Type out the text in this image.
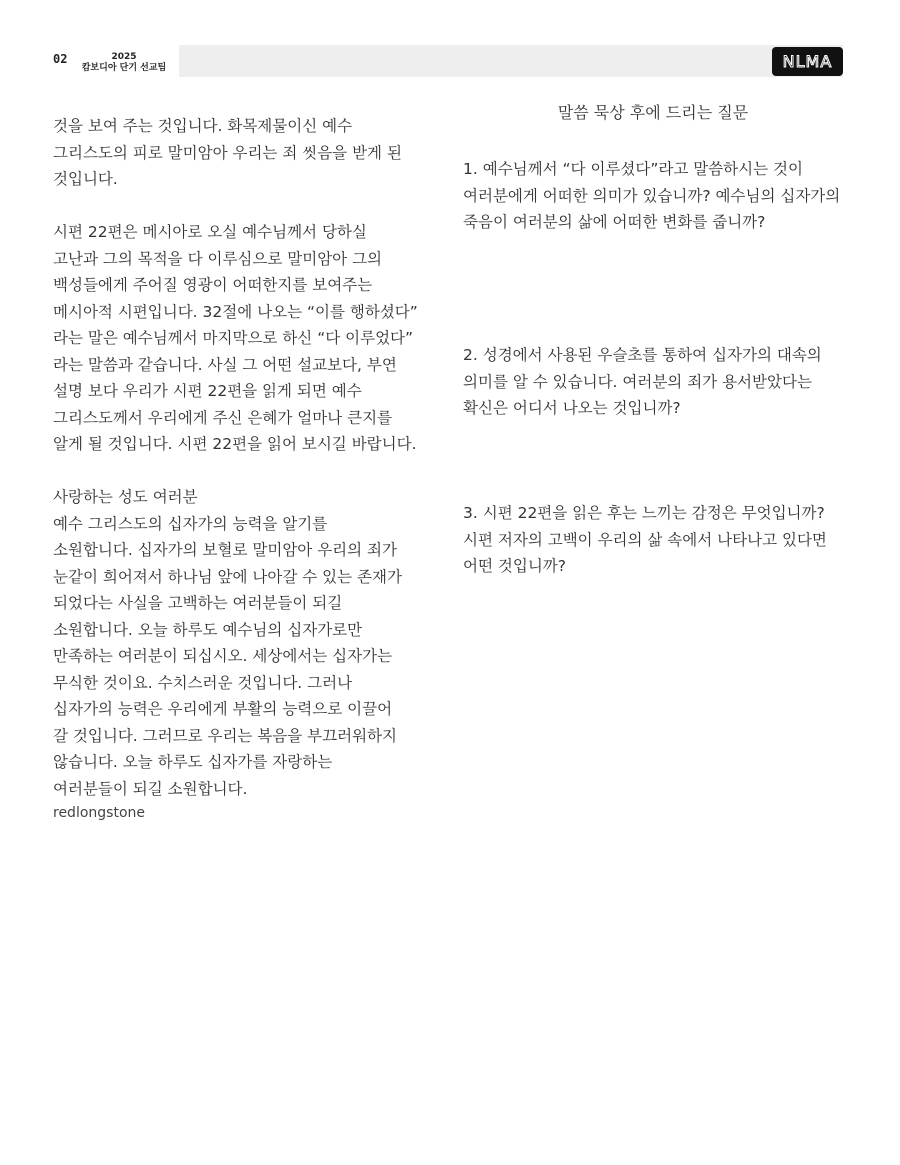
02	2025
캄보디아 단기 선교팀	NLMA

것을 보여 주는 것입니다. 화목제물이신 예수
그리스도의 피로 말미암아 우리는 죄 씻음을 받게 된
것입니다.

시편 22편은 메시아로 오실 예수님께서 당하실
고난과 그의 목적을 다 이루심으로 말미암아 그의
백성들에게 주어질 영광이 어떠한지를 보여주는
메시아적 시편입니다. 32절에 나오는 “이를 행하셨다”
라는 말은 예수님께서 마지막으로 하신 “다 이루었다”
라는 말씀과 같습니다. 사실 그 어떤 설교보다, 부연
설명 보다 우리가 시편 22편을 읽게 되면 예수
그리스도께서 우리에게 주신 은혜가 얼마나 큰지를
알게 될 것입니다. 시편 22편을 읽어 보시길 바랍니다.

사랑하는 성도 여러분
예수 그리스도의 십자가의 능력을 알기를
소원합니다. 십자가의 보혈로 말미암아 우리의 죄가
눈같이 희어져서 하나님 앞에 나아갈 수 있는 존재가
되었다는 사실을 고백하는 여러분들이 되길
소원합니다. 오늘 하루도 예수님의 십자가로만
만족하는 여러분이 되십시오. 세상에서는 십자가는
무식한 것이요. 수치스러운 것입니다. 그러나
십자가의 능력은 우리에게 부활의 능력으로 이끌어
갈 것입니다. 그러므로 우리는 복음을 부끄러워하지
않습니다. 오늘 하루도 십자가를 자랑하는
여러분들이 되길 소원합니다.

redlongstone
말씀 묵상 후에 드리는 질문
1. 예수님께서 “다 이루셨다”라고 말씀하시는 것이
여러분에게 어떠한 의미가 있습니까? 예수님의 십자가의
죽음이 여러분의 삶에 어떠한 변화를 줍니까?
2. 성경에서 사용된 우슬초를 통하여 십자가의 대속의
의미를 알 수 있습니다. 여러분의 죄가 용서받았다는
확신은 어디서 나오는 것입니까?
3. 시편 22편을 읽은 후는 느끼는 감정은 무엇입니까?
시편 저자의 고백이 우리의 삶 속에서 나타나고 있다면
어떤 것입니까?
